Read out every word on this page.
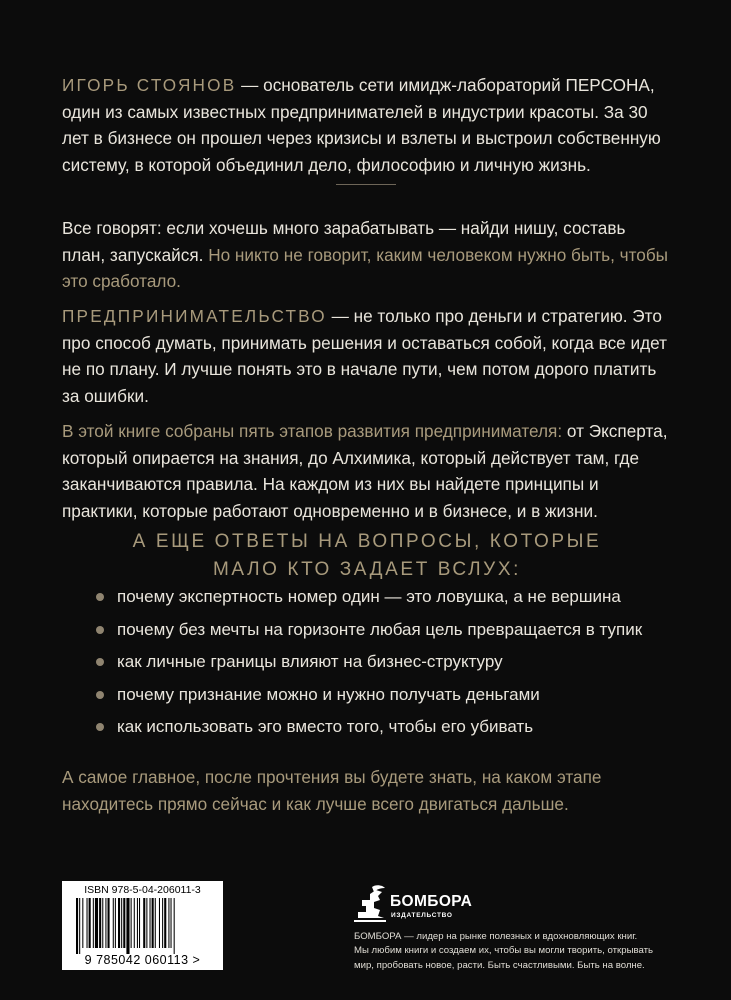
ИГОРЬ СТОЯНОВ — основатель сети имидж-лабораторий ПЕРСОНА, один из самых известных предпринимателей в индустрии красоты. За 30 лет в бизнесе он прошел через кризисы и взлеты и выстроил собственную систему, в которой объединил дело, философию и личную жизнь.

Все говорят: если хочешь много зарабатывать — найди нишу, составь план, запускайся. Но никто не говорит, каким человеком нужно быть, чтобы это сработало.

ПРЕДПРИНИМАТЕЛЬСТВО — не только про деньги и стратегию. Это про способ думать, принимать решения и оставаться собой, когда все идет не по плану. И лучше понять это в начале пути, чем потом дорого платить за ошибки.

В этой книге собраны пять этапов развития предпринимателя: от Эксперта, который опирается на знания, до Алхимика, который действует там, где заканчиваются правила. На каждом из них вы найдете принципы и практики, которые работают одновременно и в бизнесе, и в жизни.

А ЕЩЕ ОТВЕТЫ НА ВОПРОСЫ, КОТОРЫЕ
МАЛО КТО ЗАДАЕТ ВСЛУХ:
почему экспертность номер один — это ловушка, а не вершина
почему без мечты на горизонте любая цель превращается в тупик
как личные границы влияют на бизнес-структуру
почему признание можно и нужно получать деньгами
как использовать эго вместо того, чтобы его убивать

А самое главное, после прочтения вы будете знать, на каком этапе находитесь прямо сейчас и как лучше всего двигаться дальше.

ISBN 978-5-04-206011-3
9 785042 060113 >
БОМБОРА
ИЗДАТЕЛЬСТВО

БОМБОРА — лидер на рынке полезных и вдохновляющих книг. Мы любим книги и создаем их, чтобы вы могли творить, открывать мир, пробовать новое, расти. Быть счастливыми. Быть на волне.
